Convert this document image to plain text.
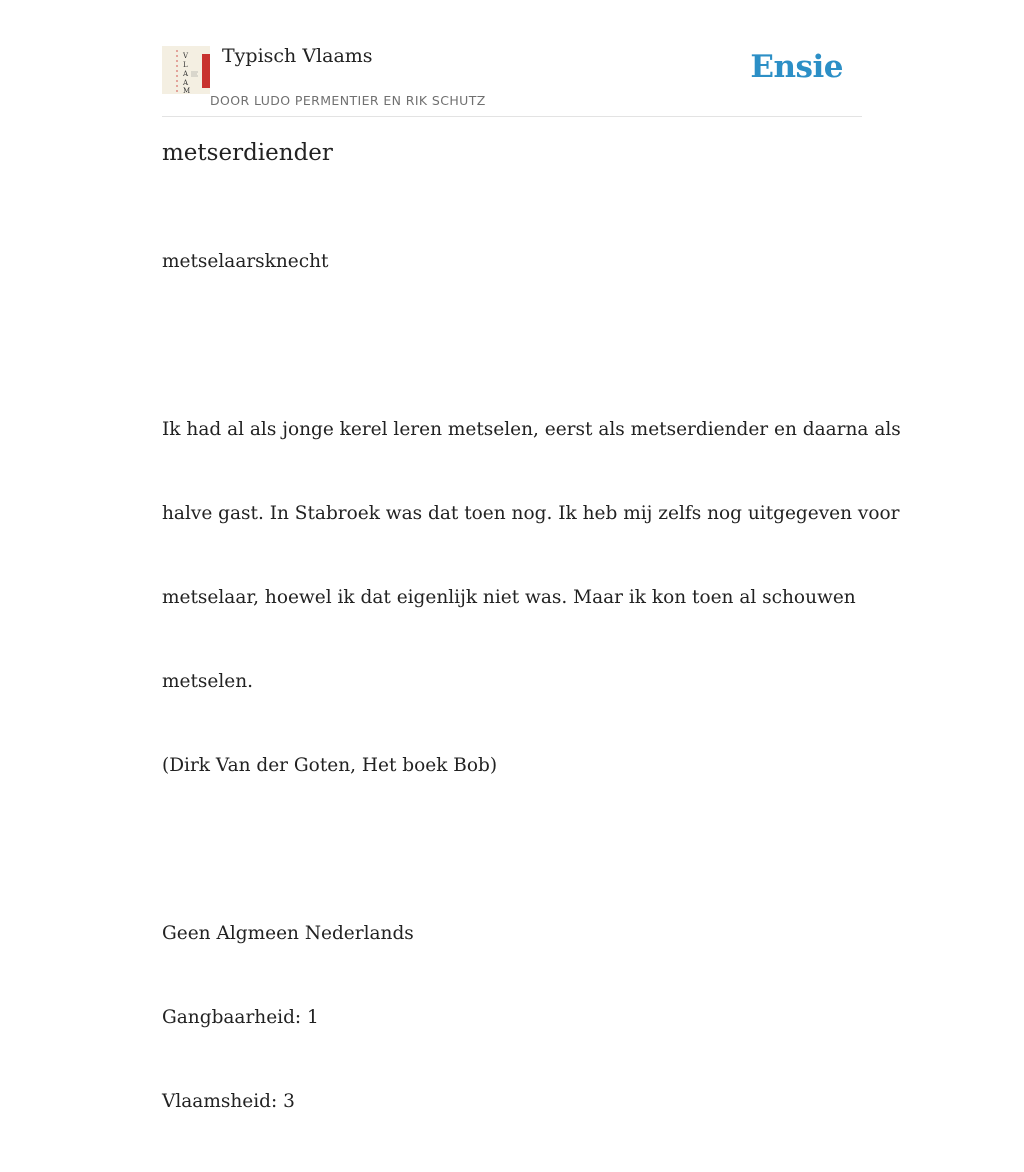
V
L
A
A
M
Typisch Vlaams
DOOR LUDO PERMENTIER EN RIK SCHUTZ
Ensie
metserdiender

metselaarsknecht

Ik had al als jonge kerel leren metselen, eerst als metserdiender en daarna als

halve gast. In Stabroek was dat toen nog. Ik heb mij zelfs nog uitgegeven voor

metselaar, hoewel ik dat eigenlijk niet was. Maar ik kon toen al schouwen

metselen.

(Dirk Van der Goten, Het boek Bob)

Geen Algmeen Nederlands

Gangbaarheid: 1

Vlaamsheid: 3
